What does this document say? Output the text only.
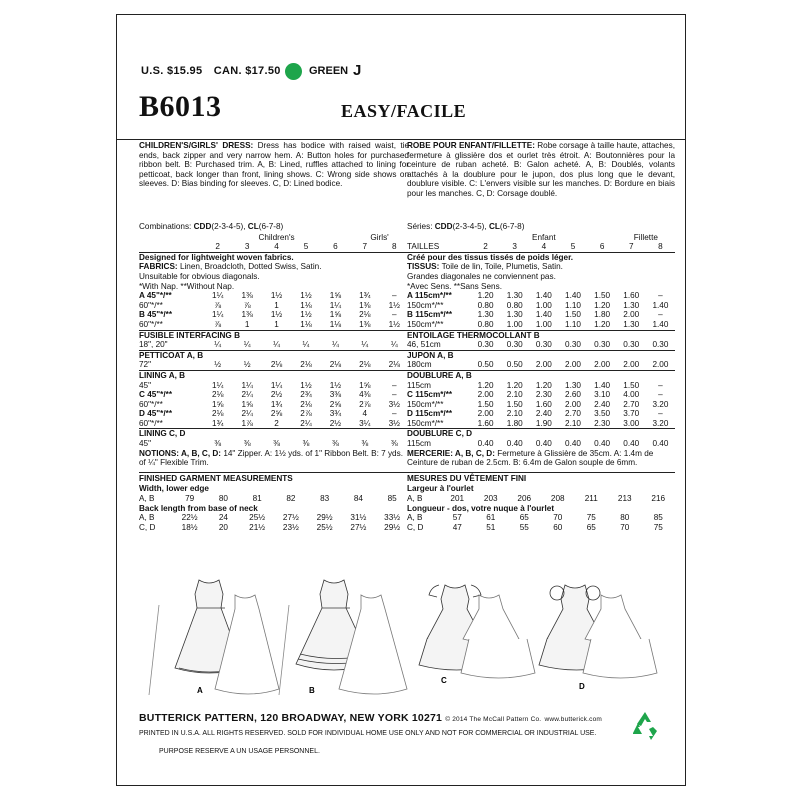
U.S. $15.95 CAN. $17.50	GREEN J
B6013	EASY/FACILE
CHILDREN'S/GIRLS' DRESS: Dress has bodice with raised waist, tie ends, back zipper and very narrow hem. A: Button holes for purchased ribbon belt. B: Purchased trim. A, B: Lined, ruffles attached to lining for petticoat, back longer than front, lining shows. C: Wrong side shows on sleeves. D: Bias binding for sleeves. C, D: Lined bodice.
Combinations: CDD(2-3-4-5), CL(6-7-8)
	Children's					Girls'	
	2	3	4	5	6	7	8
Designed for lightweight woven fabrics.							
FABRICS: Linen, Broadcloth, Dotted Swiss, Satin.							
Unsuitable for obvious diagonals.							
*With Nap. **Without Nap.							
A 45"*/**	1¼	1⅜	1½	1½	1⅝	1¾	–
60"*/**	⅞	⅞	1	1⅛	1¼	1⅜	1½
B 45"*/**	1¼	1⅜	1½	1½	1⅝	2⅛	–
60"*/**	⅞	1	1	1⅛	1⅛	1⅜	1½
FUSIBLE INTERFACING B							
18", 20"	¼	¼	¼	¼	¼	¼	¼
PETTICOAT A, B							
72"	½	½	2⅛	2⅛	2⅛	2⅛	2⅛
LINING A, B							
45"	1¼	1¼	1¼	1½	1½	1⅝	–
C 45"*/**	2⅛	2¼	2½	2¾	3⅜	4⅜	–
60"*/**	1⅝	1⅝	1¾	2⅛	2⅝	2⅞	3½
D 45"*/**	2⅛	2¼	2⅝	2⅞	3¾	4	–
60"*/**	1¾	1⅞	2	2¼	2½	3¼	3½
LINING C, D							
45"	⅜	⅜	⅜	⅜	⅜	⅜	⅜
NOTIONS: A, B, C, D: 14" Zipper. A: 1½ yds. of 1" Ribbon Belt. B: 7 yds. of ¼" Flexible Trim.
FINISHED GARMENT MEASUREMENTS
Width, lower edge							
A, B	79	80	81	82	83	84	85
Back length from base of neck							
A, B	22½	24	25½	27½	29½	31½	33½
C, D	18½	20	21½	23½	25½	27½	29½
ROBE POUR ENFANT/FILLETTE: Robe corsage à taille haute, attaches, fermeture à glissière dos et ourlet très étroit. A: Boutonnières pour la ceinture de ruban acheté. B: Galon acheté. A, B: Doublés, volants attachés à la doublure pour le jupon, dos plus long que le devant, doublure visible. C: L'envers visible sur les manches. D: Bordure en biais pour les manches. C, D: Corsage doublé.
Séries: CDD(2-3-4-5), CL(6-7-8)
	Enfant					Fillette	
TAILLES	2	3	4	5	6	7	8
Créé pour des tissus tissés de poids léger.							
TISSUS: Toile de lin, Toile, Plumetis, Satin.							
Grandes diagonales ne conviennent pas.							
*Avec Sens. **Sans Sens.							
A 115cm*/**	1.20	1.30	1.40	1.40	1.50	1.60	–
150cm*/**	0.80	0.80	1.00	1.10	1.20	1.30	1.40
B 115cm*/**	1.30	1.30	1.40	1.50	1.80	2.00	–
150cm*/**	0.80	1.00	1.00	1.10	1.20	1.30	1.40
ENTOILAGE THERMOCOLLANT B							
46, 51cm	0.30	0.30	0.30	0.30	0.30	0.30	0.30
JUPON A, B							
180cm	0.50	0.50	2.00	2.00	2.00	2.00	2.00
DOUBLURE A, B							
115cm	1.20	1.20	1.20	1.30	1.40	1.50	–
C 115cm*/**	2.00	2.10	2.30	2.60	3.10	4.00	–
150cm*/**	1.50	1.50	1.60	2.00	2.40	2.70	3.20
D 115cm*/**	2.00	2.10	2.40	2.70	3.50	3.70	–
150cm*/**	1.60	1.80	1.90	2.10	2.30	3.00	3.20
DOUBLURE C, D							
115cm	0.40	0.40	0.40	0.40	0.40	0.40	0.40
MERCERIE: A, B, C, D: Fermeture à Glissière de 35cm. A: 1.4m de Ceinture de ruban de 2.5cm. B: 6.4m de Galon souple de 6mm.
MESURES DU VÊTEMENT FINI
Largeur à l'ourlet							
A, B	201	203	206	208	211	213	216
Longueur - dos, votre nuque à l'ourlet							
A, B	57	61	65	70	75	80	85
C, D	47	51	55	60	65	70	75
A	B
C
D
BUTTERICK PATTERN, 120 BROADWAY, NEW YORK 10271 © 2014 The McCall Pattern Co. www.butterick.com
PRINTED IN U.S.A. ALL RIGHTS RESERVED. SOLD FOR INDIVIDUAL HOME USE ONLY AND NOT FOR COMMERCIAL OR INDUSTRIAL USE.
PURPOSE RESERVE A UN USAGE PERSONNEL.
